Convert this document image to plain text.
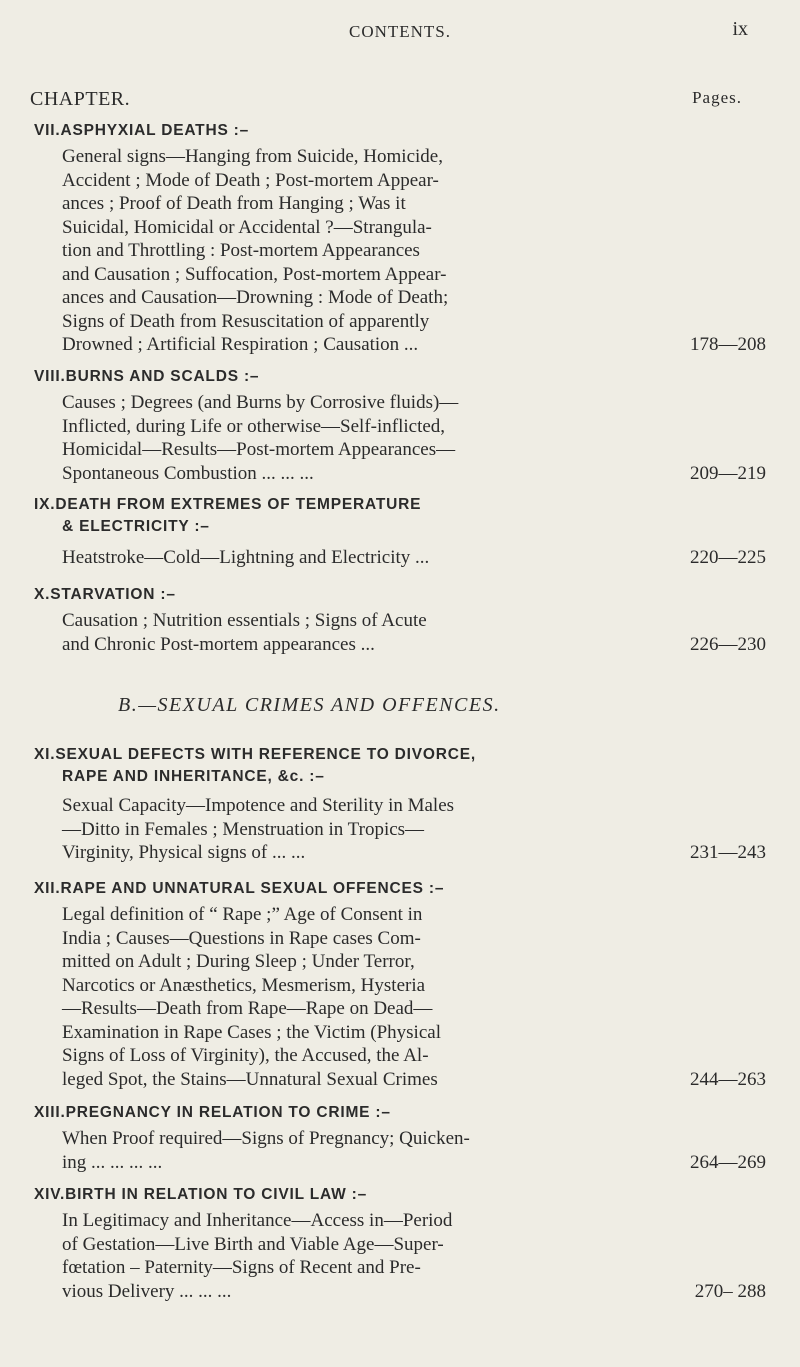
CONTENTS.	ix
CHAPTER.	Pages.
VII.ASPHYXIAL DEATHS :–
General signs—Hanging from Suicide, Homicide,
Accident ; Mode of Death ; Post-mortem Appear-
ances ; Proof of Death from Hanging ; Was it
Suicidal, Homicidal or Accidental ?—Strangula-
tion and Throttling : Post-mortem Appearances
and Causation ; Suffocation, Post-mortem Appear-
ances and Causation—Drowning : Mode of Death;
Signs of Death from Resuscitation of apparently
Drowned ; Artificial Respiration ; Causation ...	178—208
VIII.BURNS AND SCALDS :–
Causes ; Degrees (and Burns by Corrosive fluids)—
Inflicted, during Life or otherwise—Self-inflicted,
Homicidal—Results—Post-mortem Appearances—
Spontaneous Combustion ... ... ...	209—219
IX.DEATH FROM EXTREMES OF TEMPERATURE
& ELECTRICITY :–
Heatstroke—Cold—Lightning and Electricity ...	220—225
X.STARVATION :–
Causation ; Nutrition essentials ; Signs of Acute
and Chronic Post-mortem appearances ...	226—230
B.—SEXUAL CRIMES AND OFFENCES.
XI.SEXUAL DEFECTS WITH REFERENCE TO DIVORCE,
RAPE AND INHERITANCE, &c. :–
Sexual Capacity—Impotence and Sterility in Males
—Ditto in Females ; Menstruation in Tropics—
Virginity, Physical signs of ... ...	231—243
XII.RAPE AND UNNATURAL SEXUAL OFFENCES :–
Legal definition of “ Rape ;” Age of Consent in
India ; Causes—Questions in Rape cases Com-
mitted on Adult ; During Sleep ; Under Terror,
Narcotics or Anæsthetics, Mesmerism, Hysteria
—Results—Death from Rape—Rape on Dead—
Examination in Rape Cases ; the Victim (Physical
Signs of Loss of Virginity), the Accused, the Al-
leged Spot, the Stains—Unnatural Sexual Crimes	244—263
XIII.PREGNANCY IN RELATION TO CRIME :–
When Proof required—Signs of Pregnancy; Quicken-
ing ... ... ... ...	264—269
XIV.BIRTH IN RELATION TO CIVIL LAW :–
In Legitimacy and Inheritance—Access in—Period
of Gestation—Live Birth and Viable Age—Super-
fœtation – Paternity—Signs of Recent and Pre-
vious Delivery ... ... ...	270– 288
